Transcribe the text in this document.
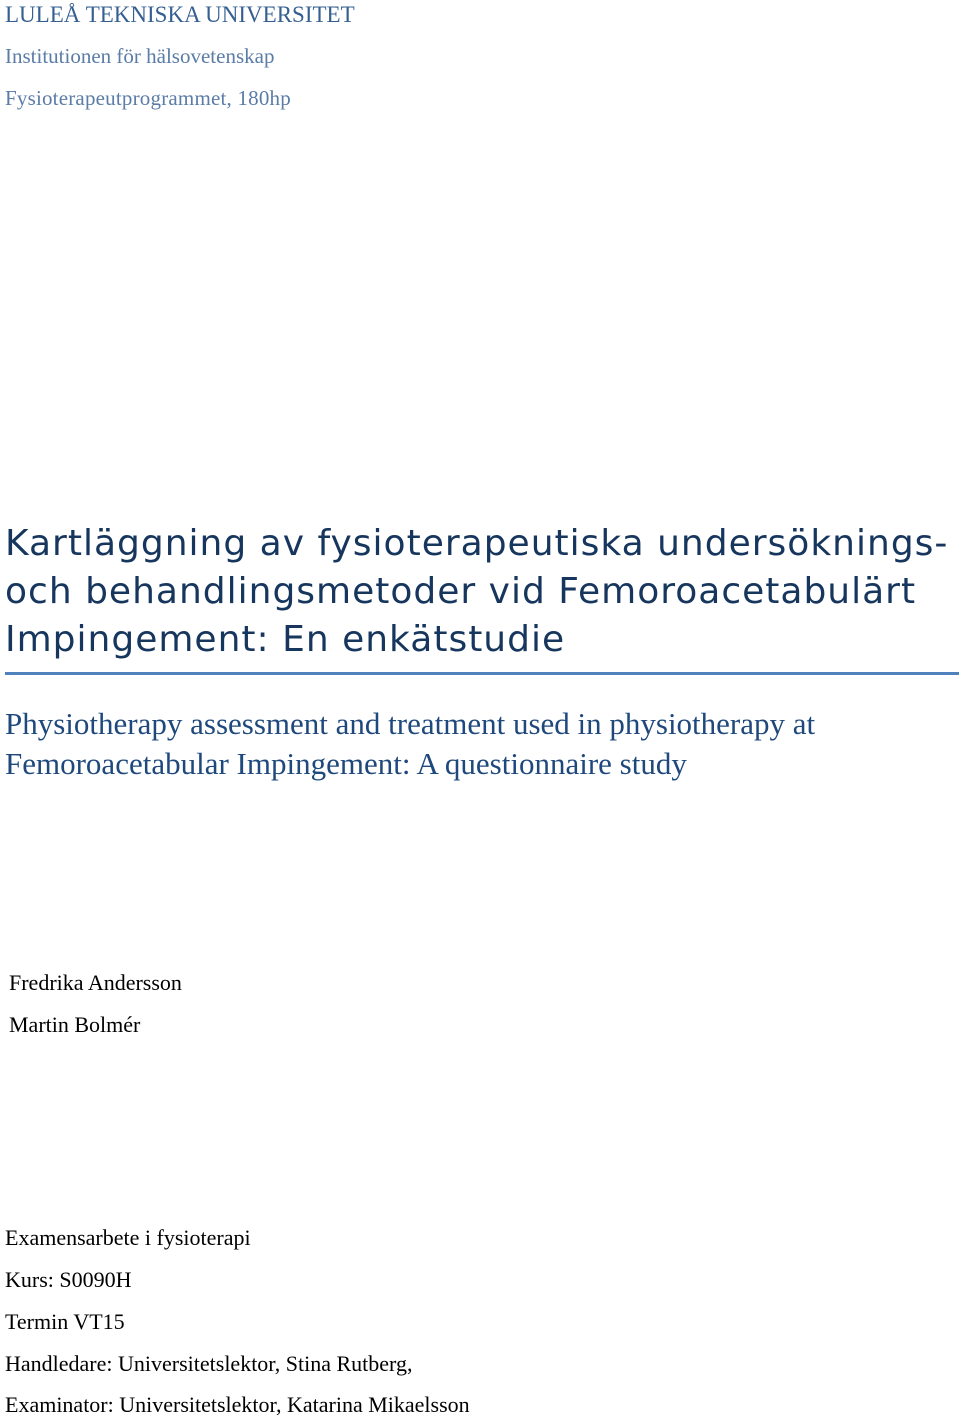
LULEÅ TEKNISKA UNIVERSITET
Institutionen för hälsovetenskap
Fysioterapeutprogrammet, 180hp
Kartläggning av fysioterapeutiska undersöknings-
och behandlingsmetoder vid Femoroacetabulärt
Impingement: En enkätstudie
Physiotherapy assessment and treatment used in physiotherapy at
Femoroacetabular Impingement: A questionnaire study
Fredrika Andersson
Martin Bolmér
Examensarbete i fysioterapi
Kurs: S0090H
Termin VT15
Handledare: Universitetslektor, Stina Rutberg,
Examinator: Universitetslektor, Katarina Mikaelsson
